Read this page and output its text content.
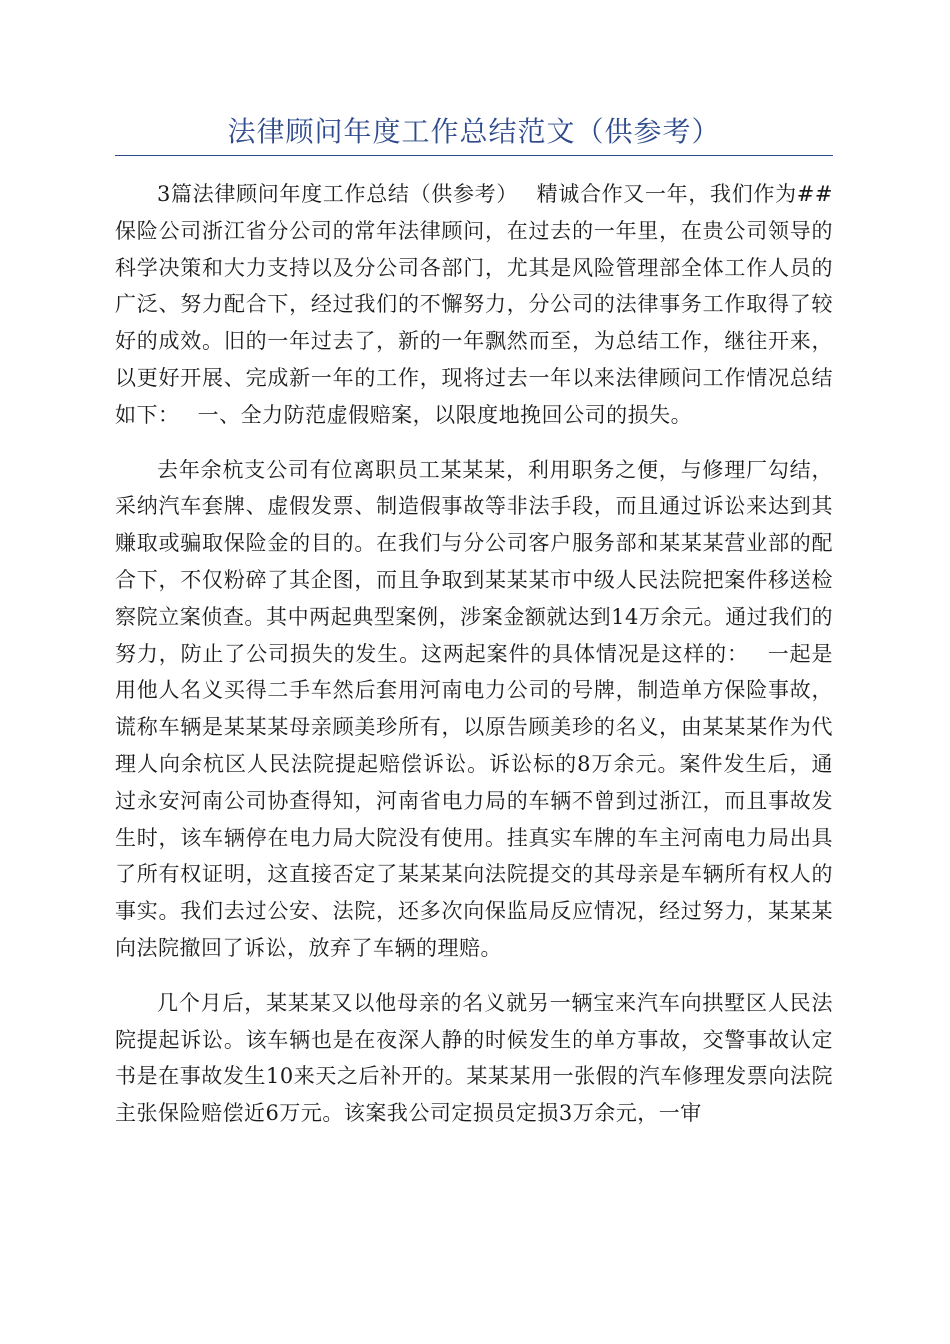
法律顾问年度工作总结范文（供参考）

3篇法律顾问年度工作总结（供参考）　 精诚合作又一年，我们作为##保险公司浙江省分公司的常年法律顾问，在过去的一年里，在贵公司领导的科学决策和大力支持以及分公司各部门，尤其是风险管理部全体工作人员的广泛、努力配合下，经过我们的不懈努力，分公司的法律事务工作取得了较好的成效。旧的一年过去了，新的一年飘然而至，为总结工作，继往开来，以更好开展、完成新一年的工作，现将过去一年以来法律顾问工作情况总结如下：　 一、全力防范虚假赔案，以限度地挽回公司的损失。

去年余杭支公司有位离职员工某某某，利用职务之便，与修理厂勾结，采纳汽车套牌、虚假发票、制造假事故等非法手段，而且通过诉讼来达到其赚取或骗取保险金的目的。在我们与分公司客户服务部和某某某营业部的配合下，不仅粉碎了其企图，而且争取到某某某市中级人民法院把案件移送检察院立案侦查。其中两起典型案例，涉案金额就达到14万余元。通过我们的努力，防止了公司损失的发生。这两起案件的具体情况是这样的：　 一起是用他人名义买得二手车然后套用河南电力公司的号牌，制造单方保险事故，谎称车辆是某某某母亲顾美珍所有，以原告顾美珍的名义，由某某某作为代理人向余杭区人民法院提起赔偿诉讼。诉讼标的8万余元。案件发生后，通过永安河南公司协查得知，河南省电力局的车辆不曾到过浙江，而且事故发生时，该车辆停在电力局大院没有使用。挂真实车牌的车主河南电力局出具了所有权证明，这直接否定了某某某向法院提交的其母亲是车辆所有权人的事实。我们去过公安、法院，还多次向保监局反应情况，经过努力，某某某向法院撤回了诉讼，放弃了车辆的理赔。

几个月后，某某某又以他母亲的名义就另一辆宝来汽车向拱墅区人民法院提起诉讼。该车辆也是在夜深人静的时候发生的单方事故，交警事故认定书是在事故发生10来天之后补开的。某某某用一张假的汽车修理发票向法院主张保险赔偿近6万元。该案我公司定损员定损3万余元，一审
